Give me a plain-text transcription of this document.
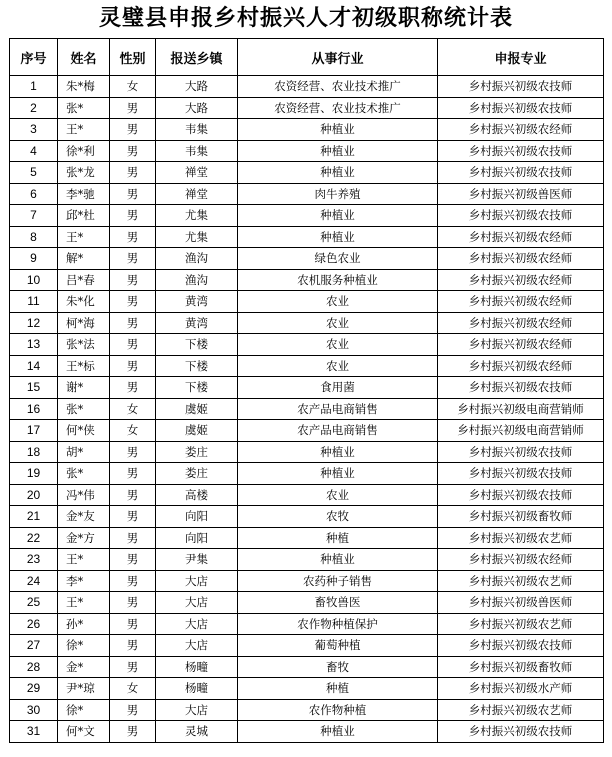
灵璧县申报乡村振兴人才初级职称统计表
序号	姓名	性别	报送乡镇	从事行业	申报专业
1	朱*梅	女	大路	农资经营、农业技术推广	乡村振兴初级农技师
2	张*	男	大路	农资经营、农业技术推广	乡村振兴初级农技师
3	王*	男	韦集	种植业	乡村振兴初级农经师
4	徐*利	男	韦集	种植业	乡村振兴初级农技师
5	张*龙	男	禅堂	种植业	乡村振兴初级农技师
6	李*驰	男	禅堂	肉牛养殖	乡村振兴初级兽医师
7	邱*杜	男	尤集	种植业	乡村振兴初级农技师
8	王*	男	尤集	种植业	乡村振兴初级农经师
9	解*	男	渔沟	绿色农业	乡村振兴初级农经师
10	吕*春	男	渔沟	农机服务种植业	乡村振兴初级农经师
11	朱*化	男	黄湾	农业	乡村振兴初级农经师
12	柯*海	男	黄湾	农业	乡村振兴初级农经师
13	张*法	男	下楼	农业	乡村振兴初级农经师
14	王*标	男	下楼	农业	乡村振兴初级农经师
15	谢*	男	下楼	食用菌	乡村振兴初级农技师
16	张*	女	虞姬	农产品电商销售	乡村振兴初级电商营销师
17	何*侠	女	虞姬	农产品电商销售	乡村振兴初级电商营销师
18	胡*	男	娄庄	种植业	乡村振兴初级农技师
19	张*	男	娄庄	种植业	乡村振兴初级农技师
20	冯*伟	男	高楼	农业	乡村振兴初级农技师
21	金*友	男	向阳	农牧	乡村振兴初级畜牧师
22	金*方	男	向阳	种植	乡村振兴初级农艺师
23	王*	男	尹集	种植业	乡村振兴初级农经师
24	李*	男	大店	农药种子销售	乡村振兴初级农艺师
25	王*	男	大店	畜牧兽医	乡村振兴初级兽医师
26	孙*	男	大店	农作物种植保护	乡村振兴初级农艺师
27	徐*	男	大店	葡萄种植	乡村振兴初级农技师
28	金*	男	杨疃	畜牧	乡村振兴初级畜牧师
29	尹*琼	女	杨疃	种植	乡村振兴初级水产师
30	徐*	男	大店	农作物种植	乡村振兴初级农艺师
31	何*文	男	灵城	种植业	乡村振兴初级农技师
